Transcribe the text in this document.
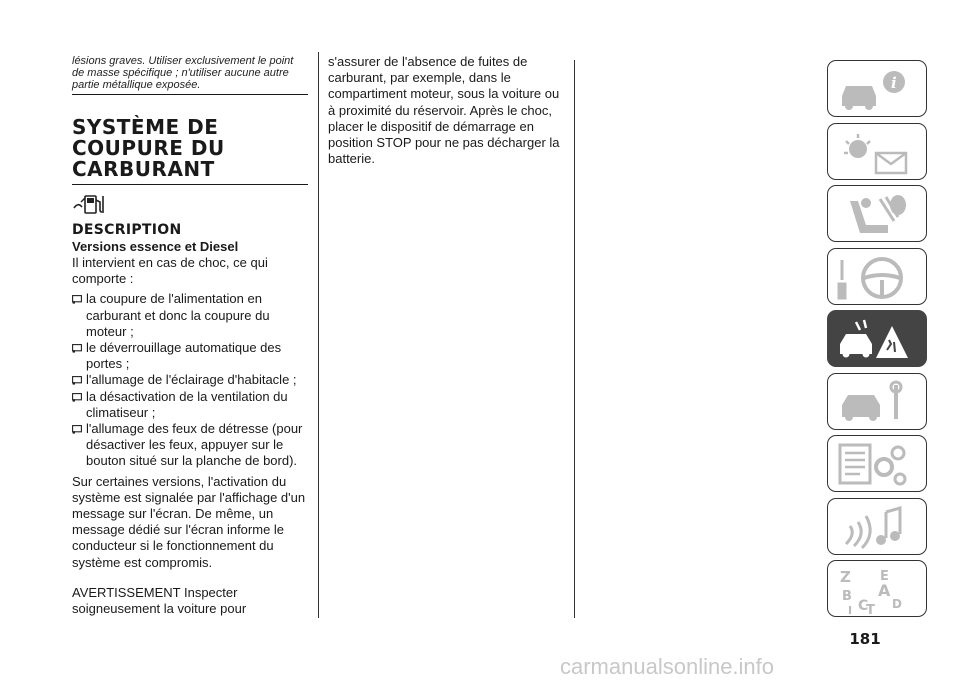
lésions graves. Utiliser exclusivement le point de masse spécifique ; n'utiliser aucune autre partie métallique exposée.
SYSTÈME DE COUPURE DU CARBURANT
DESCRIPTION
Versions essence et Diesel

Il intervient en cas de choc, ce qui comporte :

la coupure de l'alimentation en carburant et donc la coupure du moteur ;

le déverrouillage automatique des portes ;

l'allumage de l'éclairage d'habitacle ;

la désactivation de la ventilation du climatiseur ;

l'allumage des feux de détresse (pour désactiver les feux, appuyer sur le bouton situé sur la planche de bord).

Sur certaines versions, l'activation du système est signalée par l'affichage d'un message sur l'écran. De même, un message dédié sur l'écran informe le conducteur si le fonctionnement du système est compromis.

AVERTISSEMENT Inspecter soigneusement la voiture pour

s'assurer de l'absence de fuites de carburant, par exemple, dans le compartiment moteur, sous la voiture ou à proximité du réservoir. Après le choc, placer le dispositif de démarrage en position STOP pour ne pas décharger la batterie.

i
Z E
A
B
C D
I T
181
carmanualsonline.info
